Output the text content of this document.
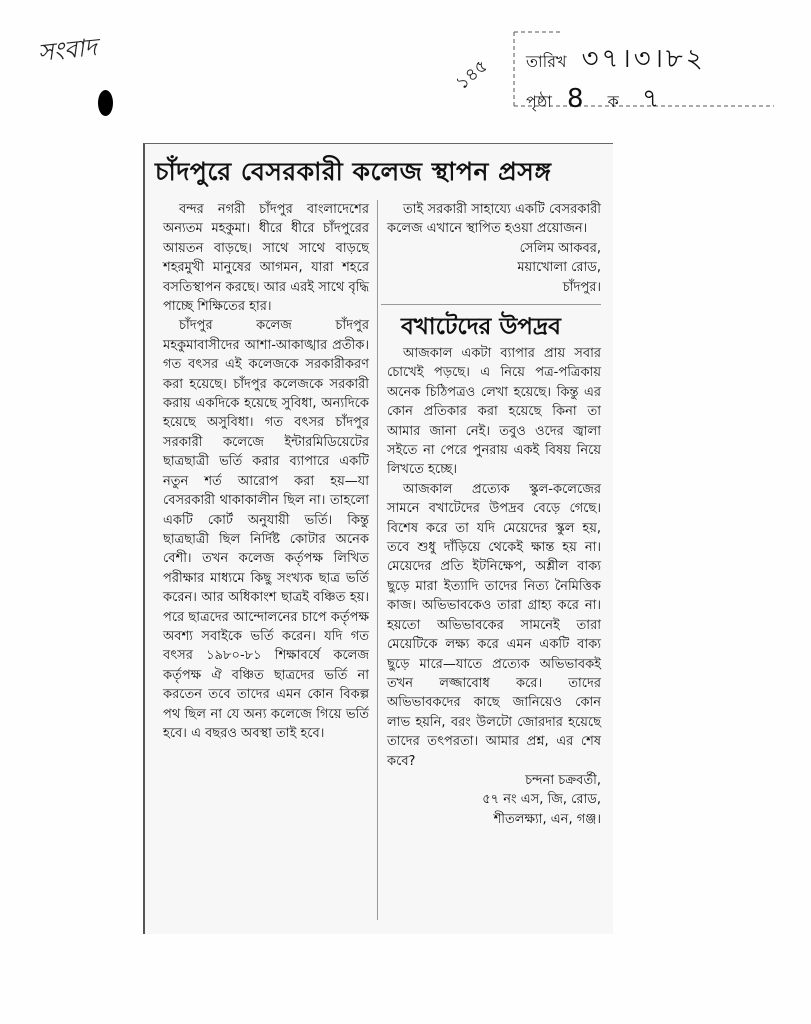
সংবাদ
১৪৫ তারিখ ৩৭।৩।৮২
পৃষ্ঠা 8 ক ৭
চাঁদপুরে বেসরকারী কলেজ স্থাপন প্রসঙ্গ

বন্দর নগরী চাঁদপুর বাংলাদেশের অন্যতম মহকুমা। ধীরে ধীরে চাঁদপুরের আয়তন বাড়ছে। সাথে সাথে বাড়ছে শহরমুখী মানুষের আগমন, যারা শহরে বসতিস্থাপন করছে। আর এরই সাথে বৃদ্ধি পাচ্ছে শিক্ষিতের হার।

চাঁদপুর কলেজ চাঁদপুর মহকুমাবাসীদের আশা-আকাঙ্খার প্রতীক। গত বৎসর এই কলেজকে সরকারীকরণ করা হয়েছে। চাঁদপুর কলেজকে সরকারী করায় একদিকে হয়েছে সুবিধা, অন্যদিকে হয়েছে অসুবিধা। গত বৎসর চাঁদপুর সরকারী কলেজে ইন্টারমিডিয়েটের ছাত্রছাত্রী ভর্তি করার ব্যাপারে একটি নতুন শর্ত আরোপ করা হয়—যা বেসরকারী থাকাকালীন ছিল না। তাহলো একটি কোর্ট অনুযায়ী ভর্তি। কিন্তু ছাত্রছাত্রী ছিল নির্দিষ্ট কোটার অনেক বেশী। তখন কলেজ কর্তৃপক্ষ লিখিত পরীক্ষার মাধ্যমে কিছু সংখ্যক ছাত্র ভর্তি করেন। আর অধিকাংশ ছাত্রই বঞ্চিত হয়। পরে ছাত্রদের আন্দোলনের চাপে কর্তৃপক্ষ অবশ্য সবাইকে ভর্তি করেন। যদি গত বৎসর ১৯৮০-৮১ শিক্ষাবর্ষে কলেজ কর্তৃপক্ষ ঐ বঞ্চিত ছাত্রদের ভর্তি না করতেন তবে তাদের এমন কোন বিকল্প পথ ছিল না যে অন্য কলেজে গিয়ে ভর্তি হবে। এ বছরও অবস্থা তাই হবে।

তাই সরকারী সাহায্যে একটি বেসরকারী কলেজ এখানে স্থাপিত হওয়া প্রয়োজন।

সেলিম আকবর,

ময়াখোলা রোড,

চাঁদপুর।

বখাটেদের উপদ্রব

আজকাল একটা ব্যাপার প্রায় সবার চোখেই পড়ছে। এ নিয়ে পত্র-পত্রিকায় অনেক চিঠিপত্রও লেখা হয়েছে। কিন্তু এর কোন প্রতিকার করা হয়েছে কিনা তা আমার জানা নেই। তবুও ওদের জ্বালা সইতে না পেরে পুনরায় একই বিষয় নিয়ে লিখতে হচ্ছে।

আজকাল প্রত্যেক স্কুল-কলেজের সামনে বখাটেদের উপদ্রব বেড়ে গেছে। বিশেষ করে তা যদি মেয়েদের স্কুল হয়, তবে শুধু দাঁড়িয়ে থেকেই ক্ষান্ত হয় না। মেয়েদের প্রতি ইটনিক্ষেপ, অশ্লীল বাক্য ছুড়ে মারা ইত্যাদি তাদের নিত্য নৈমিত্তিক কাজ। অভিভাবকেও তারা গ্রাহ্য করে না। হয়তো অভিভাবকের সামনেই তারা মেয়েটিকে লক্ষ্য করে এমন একটি বাক্য ছুড়ে মারে—যাতে প্রত্যেক অভিভাবকই তখন লজ্জাবোধ করে। তাদের অভিভাবকদের কাছে জানিয়েও কোন লাভ হয়নি, বরং উলটো জোরদার হয়েছে তাদের তৎপরতা। আমার প্রশ্ন, এর শেষ কবে?

চন্দনা চক্রবর্তী,

৫৭ নং এস, জি, রোড,

শীতলক্ষ্যা, এন, গঞ্জ।
